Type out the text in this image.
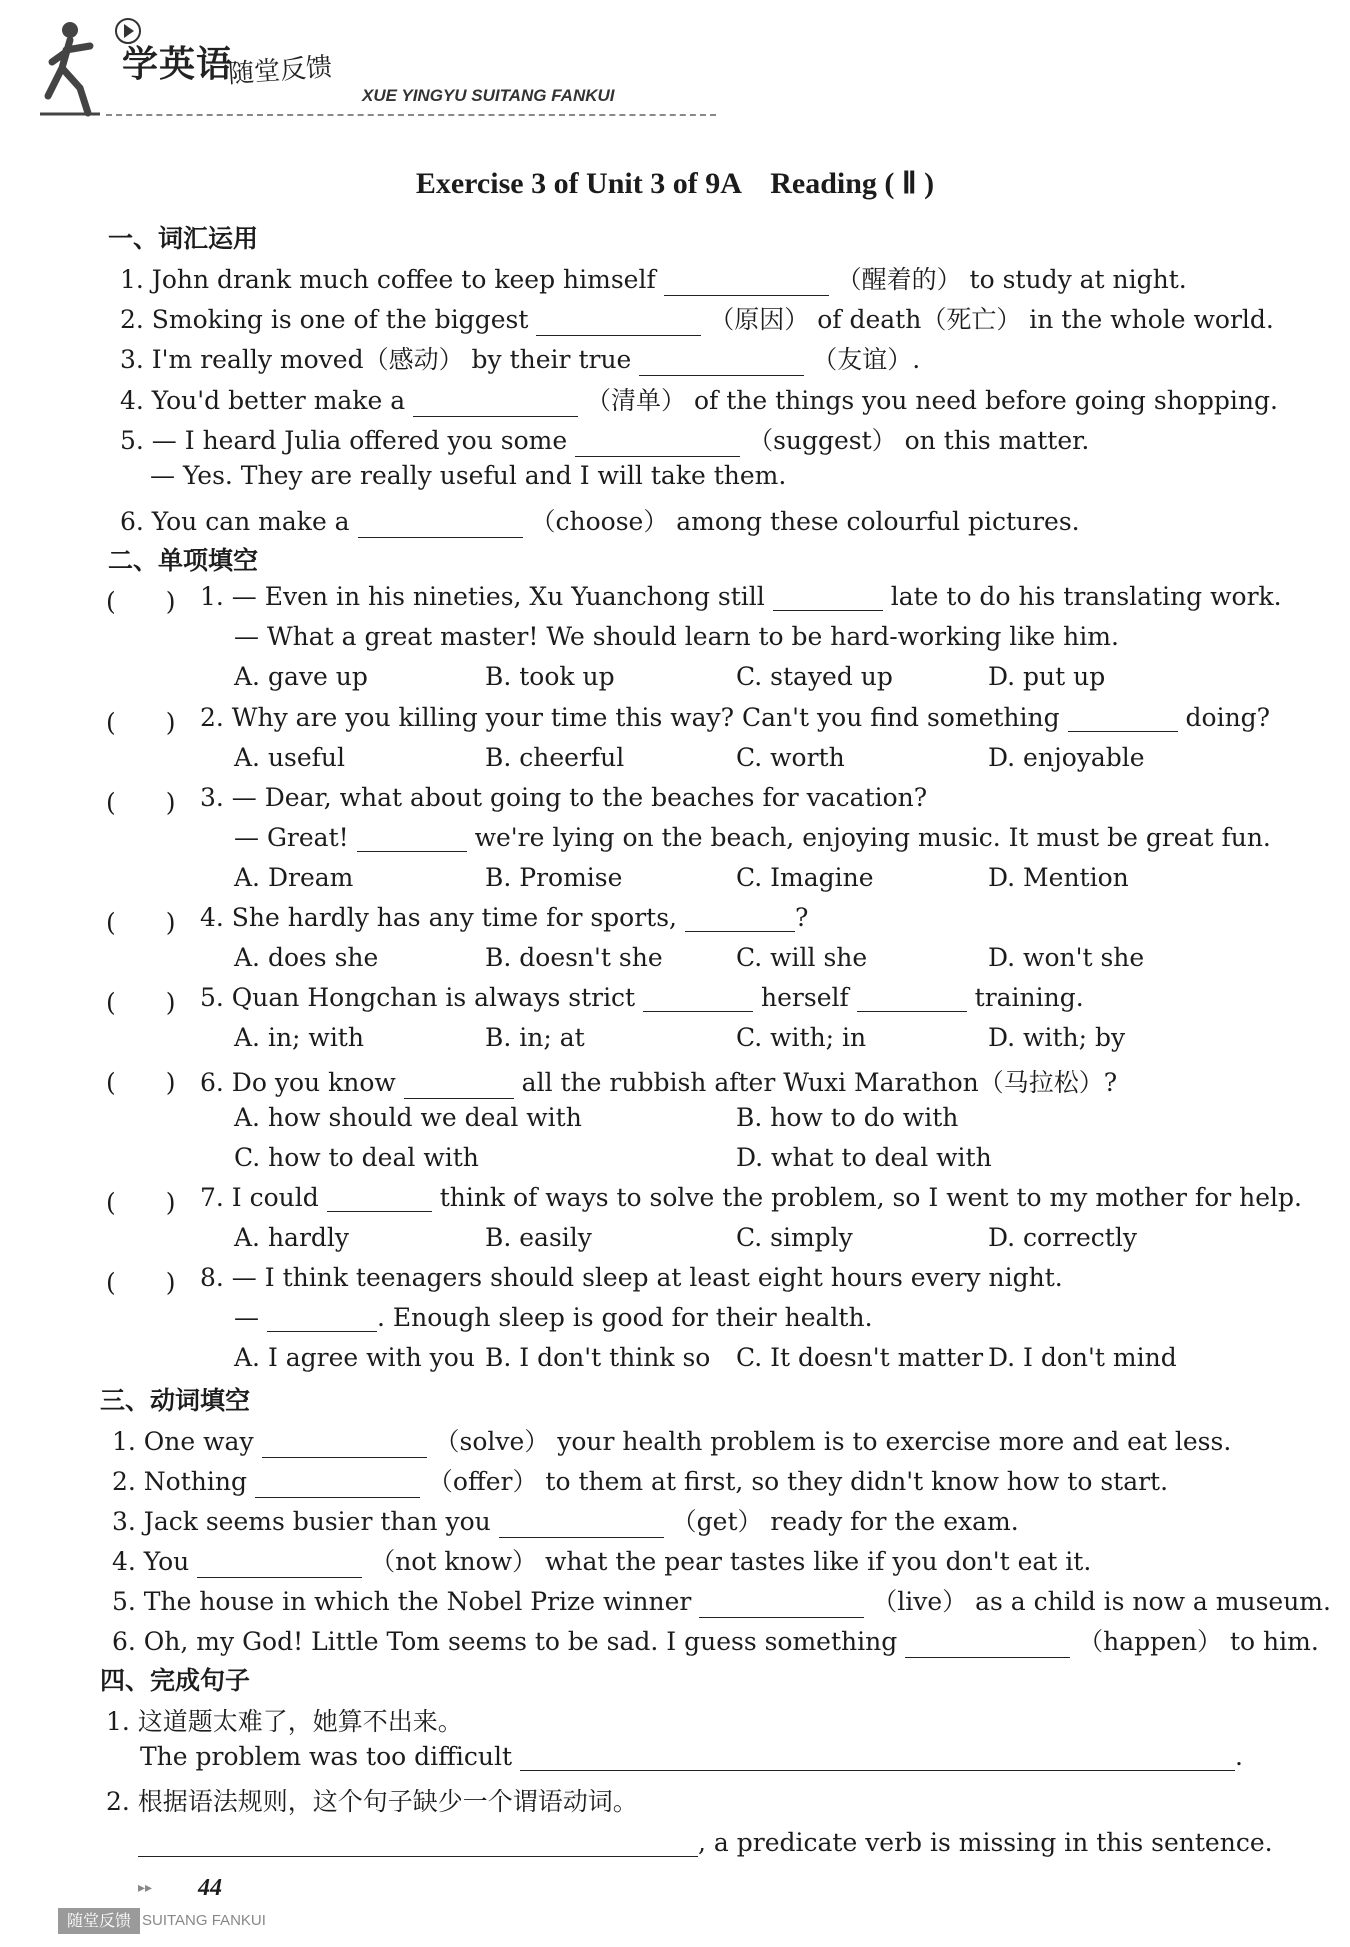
学英语
随堂反馈
XUE YINGYU SUITANG FANKUI
Exercise 3 of Unit 3 of 9A　Reading ( Ⅱ )
一、词汇运用
1. John drank much coffee to keep himself	（醒着的） to study at night.
2. Smoking is one of the biggest	（原因） of death（死亡） in the whole world.
3. I'm really moved（感动） by their true	（友谊）.
4. You'd better make a	（清单） of the things you need before going shopping.
5. — I heard Julia offered you some	（suggest） on this matter.
— Yes. They are really useful and I will take them.
6. You can make a	（choose） among these colourful pictures.
二、单项填空
(　　) 1. — Even in his nineties, Xu Yuanchong still	late to do his translating work.
— What a great master! We should learn to be hard-working like him.
A. gave up	B. took up	C. stayed up	D. put up
(　　) 2. Why are you killing your time this way? Can't you find something	doing?
A. useful	B. cheerful	C. worth	D. enjoyable
(　　) 3. — Dear, what about going to the beaches for vacation?
— Great!	we're lying on the beach, enjoying music. It must be great fun.
A. Dream	B. Promise	C. Imagine	D. Mention
(　　) 4. She hardly has any time for sports,	?
A. does she	B. doesn't she	C. will she	D. won't she
(　　) 5. Quan Hongchan is always strict	herself	training.
A. in; with	B. in; at	C. with; in	D. with; by
(　　) 6. Do you know	all the rubbish after Wuxi Marathon（马拉松）?
A. how should we deal with	B. how to do with
C. how to deal with	D. what to deal with
(　　) 7. I could	think of ways to solve the problem, so I went to my mother for help.
A. hardly	B. easily	C. simply	D. correctly
(　　) 8. — I think teenagers should sleep at least eight hours every night.
—	. Enough sleep is good for their health.
A. I agree with you B. I don't think so C. It doesn't matter D. I don't mind
三、动词填空
1. One way	（solve） your health problem is to exercise more and eat less.
2. Nothing	（offer） to them at first, so they didn't know how to start.
3. Jack seems busier than you	（get） ready for the exam.
4. You	（not know） what the pear tastes like if you don't eat it.
5. The house in which the Nobel Prize winner	（live） as a child is now a museum.
6. Oh, my God! Little Tom seems to be sad. I guess something	（happen） to him.
四、完成句子
1. 这道题太难了，她算不出来。
The problem was too difficult	.
2. 根据语法规则，这个句子缺少一个谓语动词。
, a predicate verb is missing in this sentence.
▸▸ 44
随堂反馈 SUITANG FANKUI
